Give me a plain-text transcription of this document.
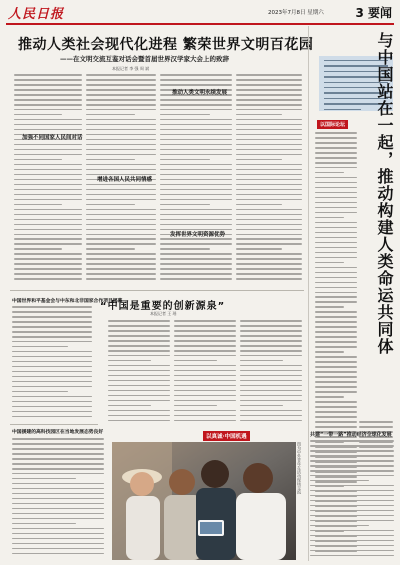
人民日报	2023年7月8日 星期六	3 要闻
推动人类社会现代化进程 繁荣世界文明百花园
——在文明交流互鉴对话会暨首届世界汉学家大会上的致辞
本报记者 李 强 周 斌
加强不同国家人民间对话
增进各国人民共同情感
推动人类文明永续发展
发挥世界文明资源优势
以国际论坛	与中国站在一起，推动构建人类命运共同体
“中国是重要的创新源泉”
本报记者 王 瑶
中国世界和平基金会与中东和北非国家合作项目揭幕
中国援建的高科技园区在当地发展态势良好
以真诚·中国机遇
图为中外青年在活动现场交流
共建“一带一路”推动经济全球化发展
